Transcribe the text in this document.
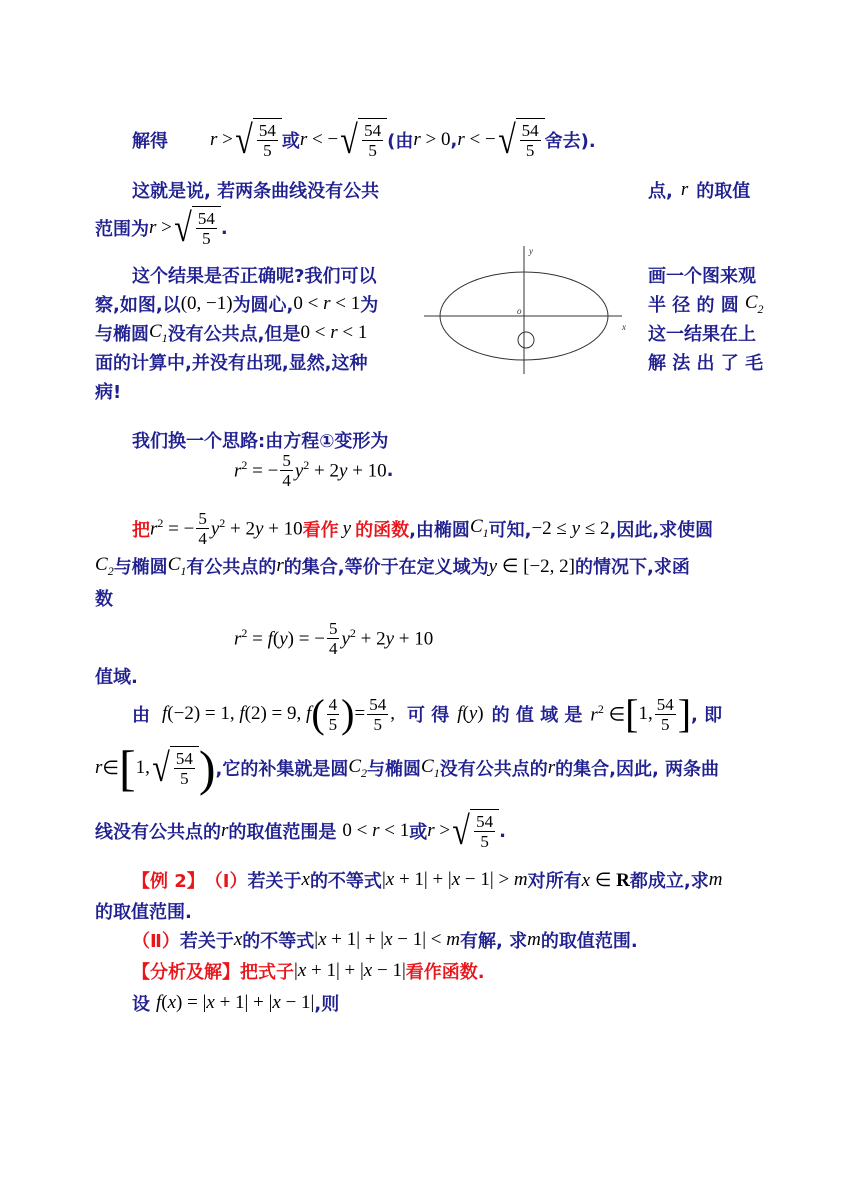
解得 r > √ $\frac{54}{5}$ 或 r < − √ $\frac{54}{5}$ (由 r > 0 , r < − √ $\frac{54}{5}$ 舍去).
这就是说, 若两条曲线没有公共	点, r 的取值
范围为 r > √ $\frac{54}{5}$ .
这个结果是否正确呢?我们可以
察,如图,以 (0, −1) 为圆心, 0 < r < 1 为
与椭圆 $C_1$ 没有公共点,但是 0 < r < 1
面的计算中,并没有出现,显然,这种
病!
画一个图来观
半 径 的 圆 $C_2$
这一结果在上
解 法 出 了 毛
y
x
o
我们换一个思路:由方程①变形为
$r^2$ = − $\frac{5}{4} y^2 + 2y + 10$ .
把 $r^2$ = − $\frac{5}{4} y^2 + 2y + 10$ 看作 y 的函数 ,由椭圆 $C_1$ 可知, −2 ≤ y ≤ 2 ,因此,求使圆
$C_2$ 与椭圆 $C_1$ 有公共点的 r 的集合,等价于在定义域为 y ∈ [−2, 2] 的情况下,求函
数
$r^2 = f(y)$ = − $\frac{5}{4} y^2 + 2y + 10$
值域.
由 f(−2) = 1, f(2) = 9, f ( $\frac{4}{5}$ ) = $\frac{54}{5}$ , 可 得 f(y) 的 值 域 是 $r^2$ ∈ [ 1, $\frac{54}{5}$ ] , 即
r ∈ [ 1, √ $\frac{54}{5}$ ) ,它的补集就是圆 $C_2$ 与椭圆 $C_1$ 没有公共点的 r 的集合,因此, 两条曲
线没有公共点的 r 的取值范围是 0 < r < 1 或 r > √ $\frac{54}{5}$ .
【例 2】 （Ⅰ） 若关于 x 的不等式 |x + 1| + |x − 1| > m 对所有 x ∈ R 都成立,求 m
的取值范围.
（Ⅱ） 若关于 x 的不等式 |x + 1| + |x − 1| < m 有解, 求 m 的取值范围.
【分析及解】 把式子 |x + 1| + |x − 1| 看作函数.
设 f(x) = |x + 1| + |x − 1| ,则
